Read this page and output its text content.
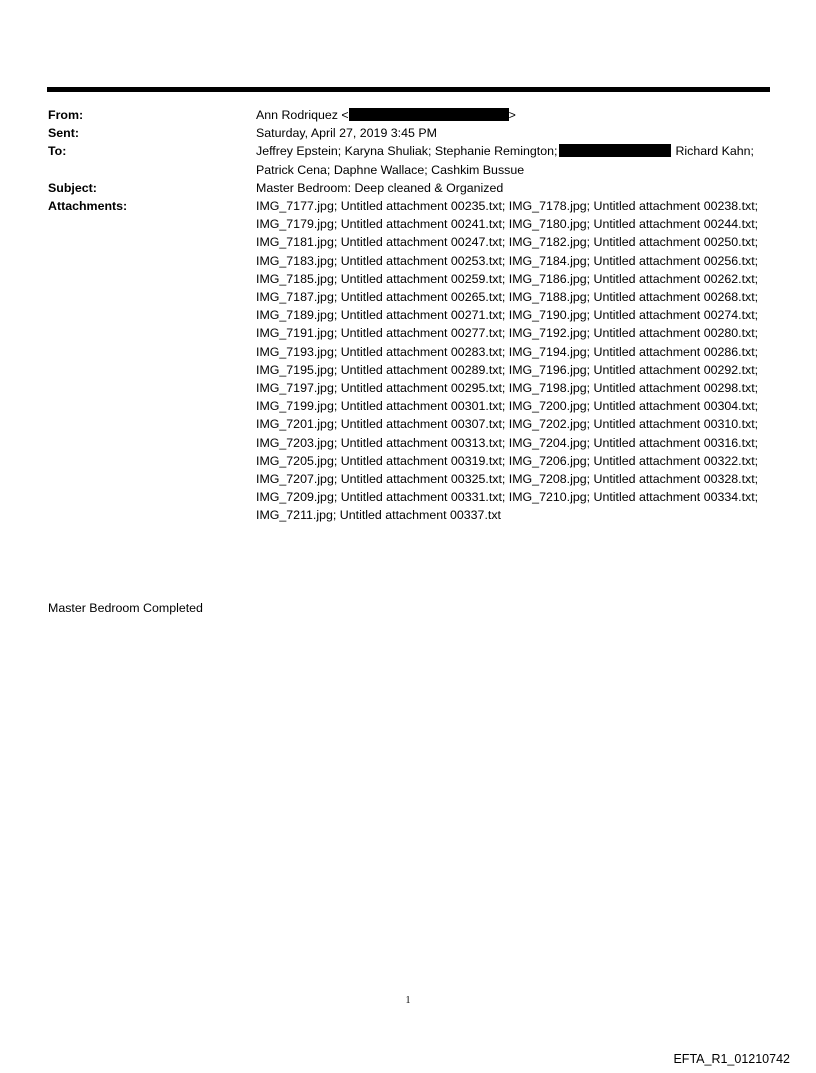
From:	Ann Rodriquez <	>
Sent:	Saturday, April 27, 2019 3:45 PM
To:	Jeffrey Epstein; Karyna Shuliak; Stephanie Remington;	Richard Kahn; Patrick Cena; Daphne Wallace; Cashkim Bussue
Subject:	Master Bedroom: Deep cleaned & Organized
Attachments:	IMG_7177.jpg; Untitled attachment 00235.txt; IMG_7178.jpg; Untitled attachment 00238.txt; IMG_7179.jpg; Untitled attachment 00241.txt; IMG_7180.jpg; Untitled attachment 00244.txt; IMG_7181.jpg; Untitled attachment 00247.txt; IMG_7182.jpg; Untitled attachment 00250.txt; IMG_7183.jpg; Untitled attachment 00253.txt; IMG_7184.jpg; Untitled attachment 00256.txt; IMG_7185.jpg; Untitled attachment 00259.txt; IMG_7186.jpg; Untitled attachment 00262.txt; IMG_7187.jpg; Untitled attachment 00265.txt; IMG_7188.jpg; Untitled attachment 00268.txt; IMG_7189.jpg; Untitled attachment 00271.txt; IMG_7190.jpg; Untitled attachment 00274.txt; IMG_7191.jpg; Untitled attachment 00277.txt; IMG_7192.jpg; Untitled attachment 00280.txt; IMG_7193.jpg; Untitled attachment 00283.txt; IMG_7194.jpg; Untitled attachment 00286.txt; IMG_7195.jpg; Untitled attachment 00289.txt; IMG_7196.jpg; Untitled attachment 00292.txt; IMG_7197.jpg; Untitled attachment 00295.txt; IMG_7198.jpg; Untitled attachment 00298.txt; IMG_7199.jpg; Untitled attachment 00301.txt; IMG_7200.jpg; Untitled attachment 00304.txt; IMG_7201.jpg; Untitled attachment 00307.txt; IMG_7202.jpg; Untitled attachment 00310.txt; IMG_7203.jpg; Untitled attachment 00313.txt; IMG_7204.jpg; Untitled attachment 00316.txt; IMG_7205.jpg; Untitled attachment 00319.txt; IMG_7206.jpg; Untitled attachment 00322.txt; IMG_7207.jpg; Untitled attachment 00325.txt; IMG_7208.jpg; Untitled attachment 00328.txt; IMG_7209.jpg; Untitled attachment 00331.txt; IMG_7210.jpg; Untitled attachment 00334.txt; IMG_7211.jpg; Untitled attachment 00337.txt
Master Bedroom Completed
1
EFTA_R1_01210742
